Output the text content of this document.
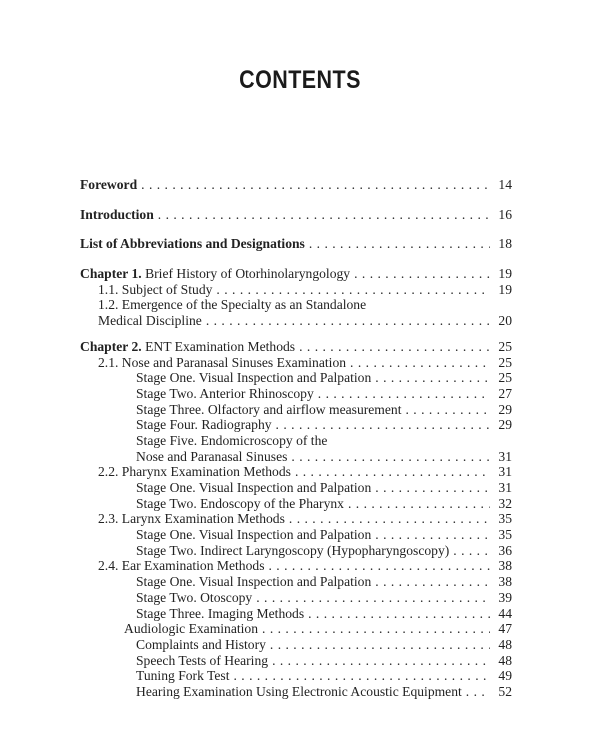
CONTENTS
Foreword . . .	14
Introduction . . .	16
List of Abbreviations and Designations . . .	18
Chapter 1. Brief History of Otorhinolaryngology . . .	19
1.1. Subject of Study . . .	19
1.2. Emergence of the Specialty as an Standalone
Medical Discipline . . .	20
Chapter 2. ENT Examination Methods . . .	25
2.1. Nose and Paranasal Sinuses Examination . . .	25
Stage One. Visual Inspection and Palpation . . .	25
Stage Two. Anterior Rhinoscopy . . .	27
Stage Three. Olfactory and airflow measurement . . .	29
Stage Four. Radiography . . .	29
Stage Five. Endomicroscopy of the
Nose and Paranasal Sinuses . . .	31
2.2. Pharynx Examination Methods . . .	31
Stage One. Visual Inspection and Palpation . . .	31
Stage Two. Endoscopy of the Pharynx . . .	32
2.3. Larynx Examination Methods . . .	35
Stage One. Visual Inspection and Palpation . . .	35
Stage Two. Indirect Laryngoscopy (Hypopharyngoscopy) . . .	36
2.4. Ear Examination Methods . . .	38
Stage One. Visual Inspection and Palpation . . .	38
Stage Two. Otoscopy . . .	39
Stage Three. Imaging Methods . . .	44
Audiologic Examination . . .	47
Complaints and History . . .	48
Speech Tests of Hearing . . .	48
Tuning Fork Test . . .	49
Hearing Examination Using Electronic Acoustic Equipment . . .	52
